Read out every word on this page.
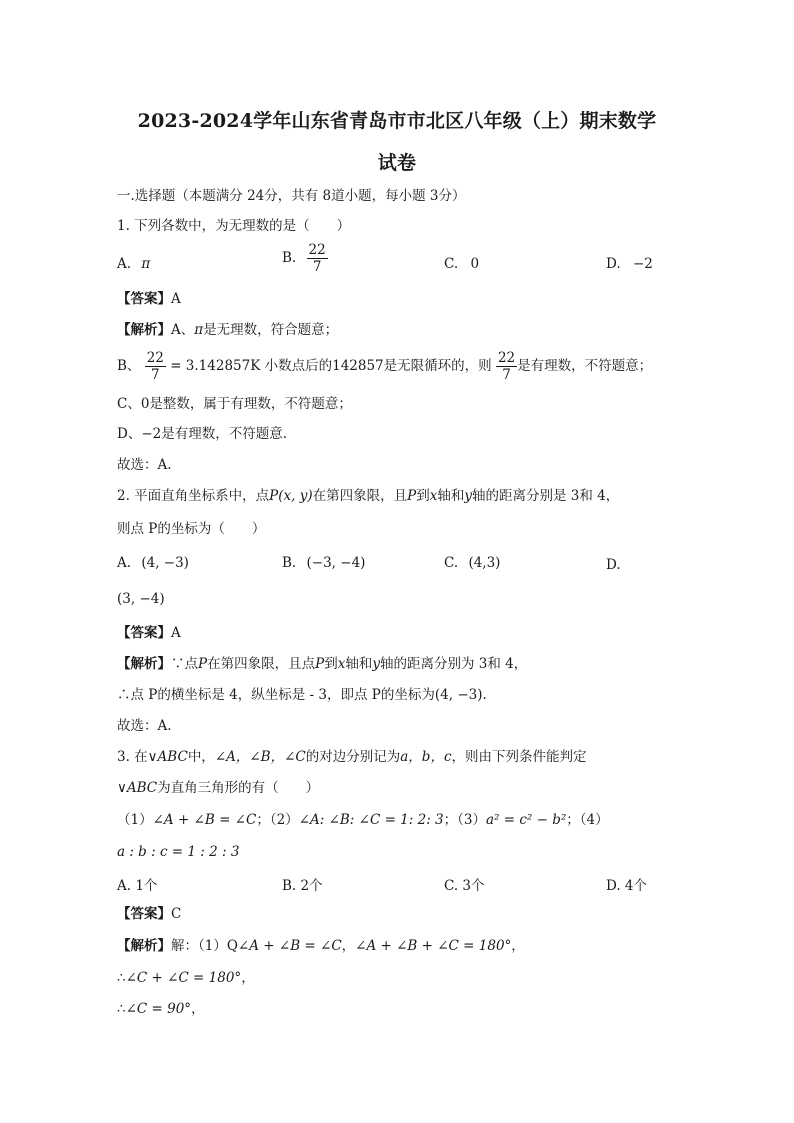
2023-2024学年山东省青岛市市北区八年级（上）期末数学
试卷
一.选择题（本题满分 24分，共有 8道小题，每小题 3分）
1. 下列各数中，为无理数的是（　　）
A. π	B. $\frac{22}{7}$	C. 0	D. −2
【答案】A
【解析】A、π是无理数，符合题意；
B、 $\frac{22}{7} = 3.142857K$ 小数点后的142857是无限循环的，则 $\frac{22}{7}$ 是有理数，不符题意；
C、0是整数，属于有理数，不符题意；
D、−2是有理数，不符题意.
故选：A.
2. 平面直角坐标系中，点P(x, y)在第四象限，且P到x轴和y轴的距离分别是 3和 4，
则点 P的坐标为（　　）
A. (4, −3)	B. (−3, −4)	C. (4,3)	D.
(3, −4)
【答案】A
【解析】∵点P在第四象限，且点P到x轴和y轴的距离分别为 3和 4，
∴点 P的横坐标是 4，纵坐标是 - 3，即点 P的坐标为(4, −3).
故选：A.
3. 在∨ABC中，∠A，∠B，∠C的对边分别记为a，b，c，则由下列条件能判定
∨ABC为直角三角形的有（　　）
（1）∠A + ∠B = ∠C；（2）∠A: ∠B: ∠C = 1: 2: 3；（3）a² = c² − b²；（4）
a : b : c = 1 : 2 : 3
A. 1个	B. 2个	C. 3个	D. 4个
【答案】C
【解析】解：（1）Q∠A + ∠B = ∠C，∠A + ∠B + ∠C = 180°，
∴∠C + ∠C = 180°，
∴∠C = 90°，
